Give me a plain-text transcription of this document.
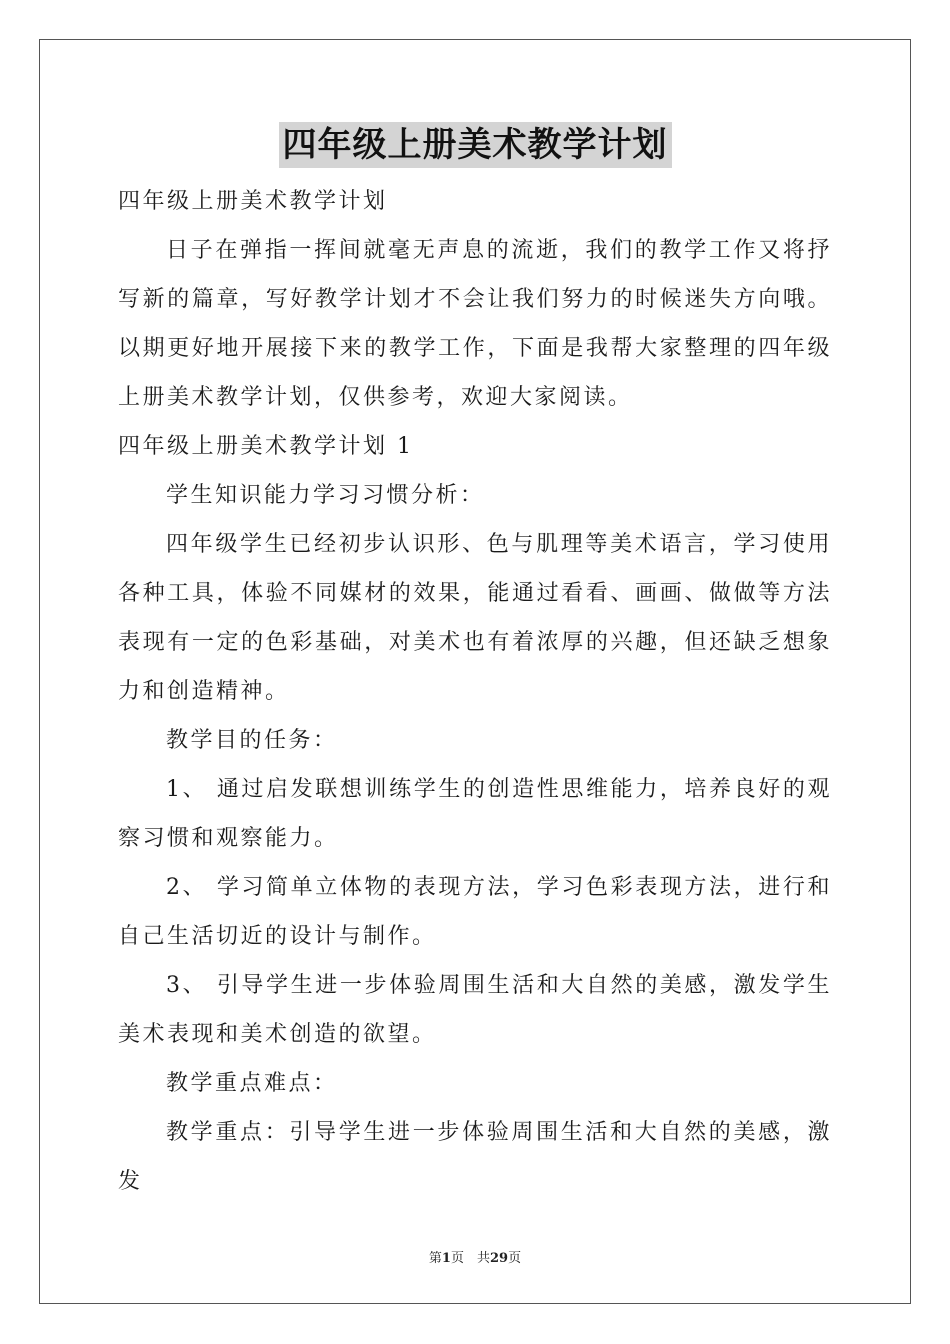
四年级上册美术教学计划

四年级上册美术教学计划

日子在弹指一挥间就毫无声息的流逝，我们的教学工作又将抒写新的篇章，写好教学计划才不会让我们努力的时候迷失方向哦。以期更好地开展接下来的教学工作，下面是我帮大家整理的四年级上册美术教学计划，仅供参考，欢迎大家阅读。

四年级上册美术教学计划 1

学生知识能力学习习惯分析：

四年级学生已经初步认识形、色与肌理等美术语言，学习使用各种工具，体验不同媒材的效果，能通过看看、画画、做做等方法表现有一定的色彩基础，对美术也有着浓厚的兴趣，但还缺乏想象力和创造精神。

教学目的任务：

1、 通过启发联想训练学生的创造性思维能力，培养良好的观察习惯和观察能力。

2、 学习简单立体物的表现方法，学习色彩表现方法，进行和自己生活切近的设计与制作。

3、 引导学生进一步体验周围生活和大自然的美感，激发学生美术表现和美术创造的欲望。

教学重点难点：

教学重点：引导学生进一步体验周围生活和大自然的美感，激发

第1页　共29页
